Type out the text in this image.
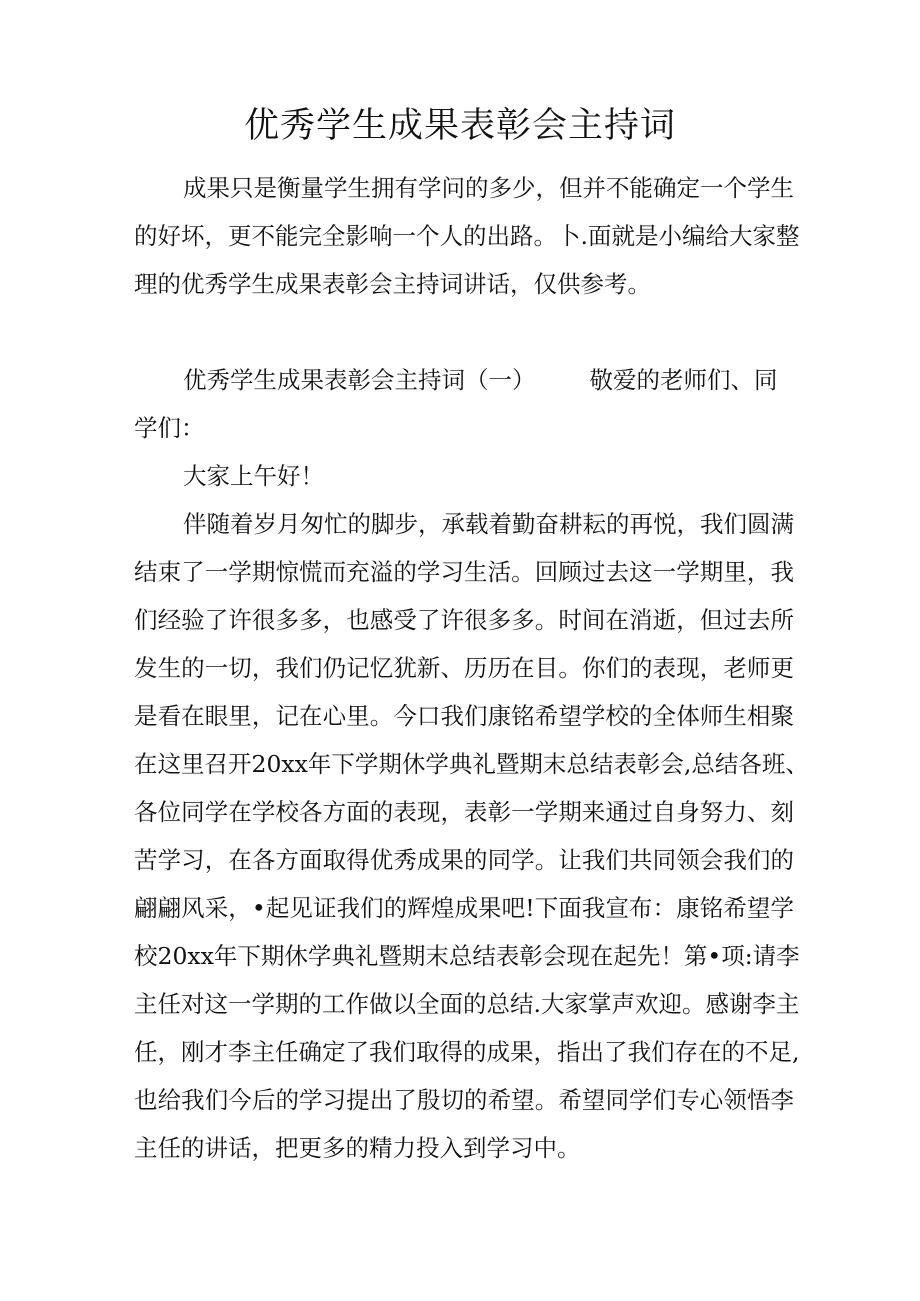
优秀学生成果表彰会主持词

成果只是衡量学生拥有学问的多少，但并不能确定一个学生

的好坏，更不能完全影响一个人的出路。卜.面就是小编给大家整

理的优秀学生成果表彰会主持词讲话，仅供参考。

优秀学生成果表彰会主持词（一） 敬爱的老师们、同

学们：

大家上午好！

伴随着岁月匆忙的脚步，承载着勤奋耕耘的再悦，我们圆满

结束了一学期惊慌而充溢的学习生活。回顾过去这一学期里，我

们经验了许很多多，也感受了许很多多。时间在消逝，但过去所

发生的一切，我们仍记忆犹新、历历在目。你们的表现，老师更

是看在眼里，记在心里。今口我们康铭希望学校的全体师生相聚

在这里召开20xx年下学期休学典礼暨期末总结表彰会,总结各班、

各位同学在学校各方面的表现，表彰一学期来通过自身努力、刻

苦学习，在各方面取得优秀成果的同学。让我们共同领会我们的

翩翩风采，•起见证我们的辉煌成果吧!下面我宣布：康铭希望学

校20xx年下期休学典礼暨期末总结表彰会现在起先！第•项:请李

主任对这一学期的工作做以全面的总结.大家掌声欢迎。感谢李主

任，刚才李主任确定了我们取得的成果，指出了我们存在的不足,

也给我们今后的学习提出了殷切的希望。希望同学们专心领悟李

主任的讲话，把更多的精力投入到学习中。
